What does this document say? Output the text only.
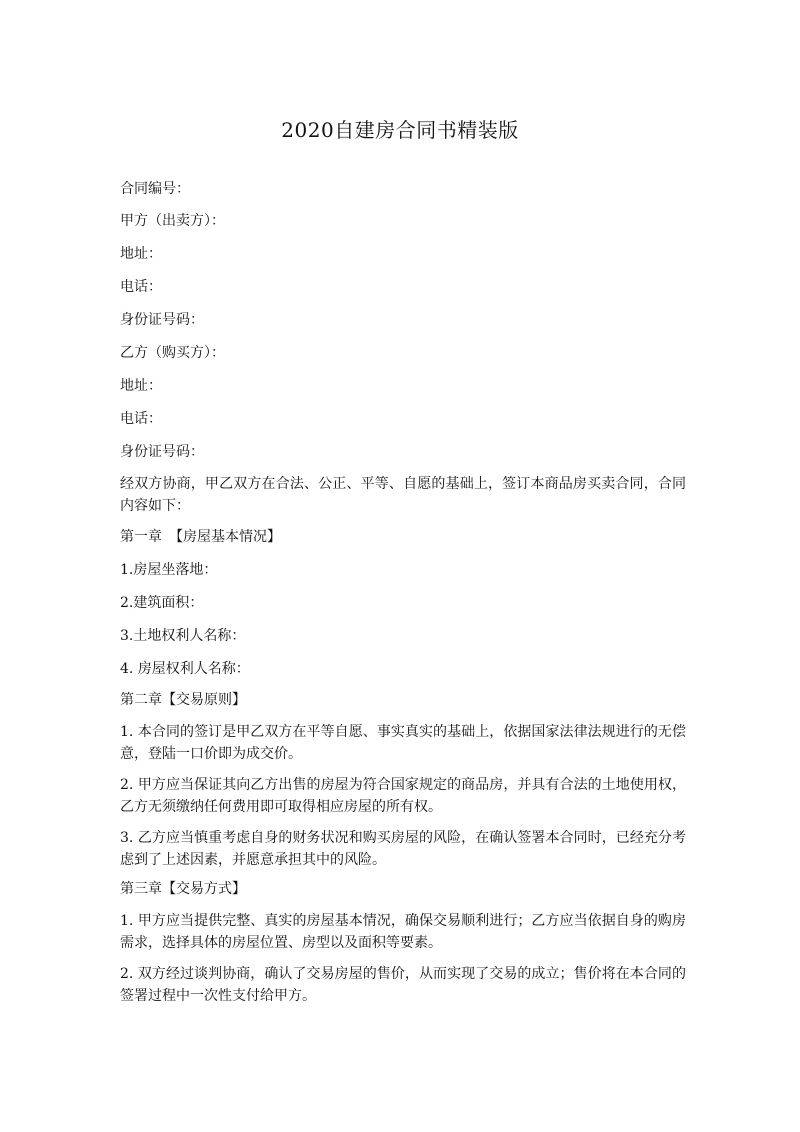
2020自建房合同书精装版
合同编号：
甲方（出卖方）：
地址：
电话：
身份证号码：
乙方（购买方）：
地址：
电话：
身份证号码：
经双方协商，甲乙双方在合法、公正、平等、自愿的基础上，签订本商品房买卖合同，合同内容如下：
第一章　【房屋基本情况】
1.房屋坐落地：
2.建筑面积：
3.土地权利人名称：
4. 房屋权利人名称：
第二章【交易原则】
1. 本合同的签订是甲乙双方在平等自愿、事实真实的基础上，依据国家法律法规进行的无偿意，登陆一口价即为成交价。
2. 甲方应当保证其向乙方出售的房屋为符合国家规定的商品房，并具有合法的土地使用权，乙方无须缴纳任何费用即可取得相应房屋的所有权。
3. 乙方应当慎重考虑自身的财务状况和购买房屋的风险，在确认签署本合同时，已经充分考虑到了上述因素，并愿意承担其中的风险。
第三章【交易方式】
1. 甲方应当提供完整、真实的房屋基本情况，确保交易顺利进行；乙方应当依据自身的购房需求，选择具体的房屋位置、房型以及面积等要素。
2. 双方经过谈判协商，确认了交易房屋的售价，从而实现了交易的成立；售价将在本合同的签署过程中一次性支付给甲方。
